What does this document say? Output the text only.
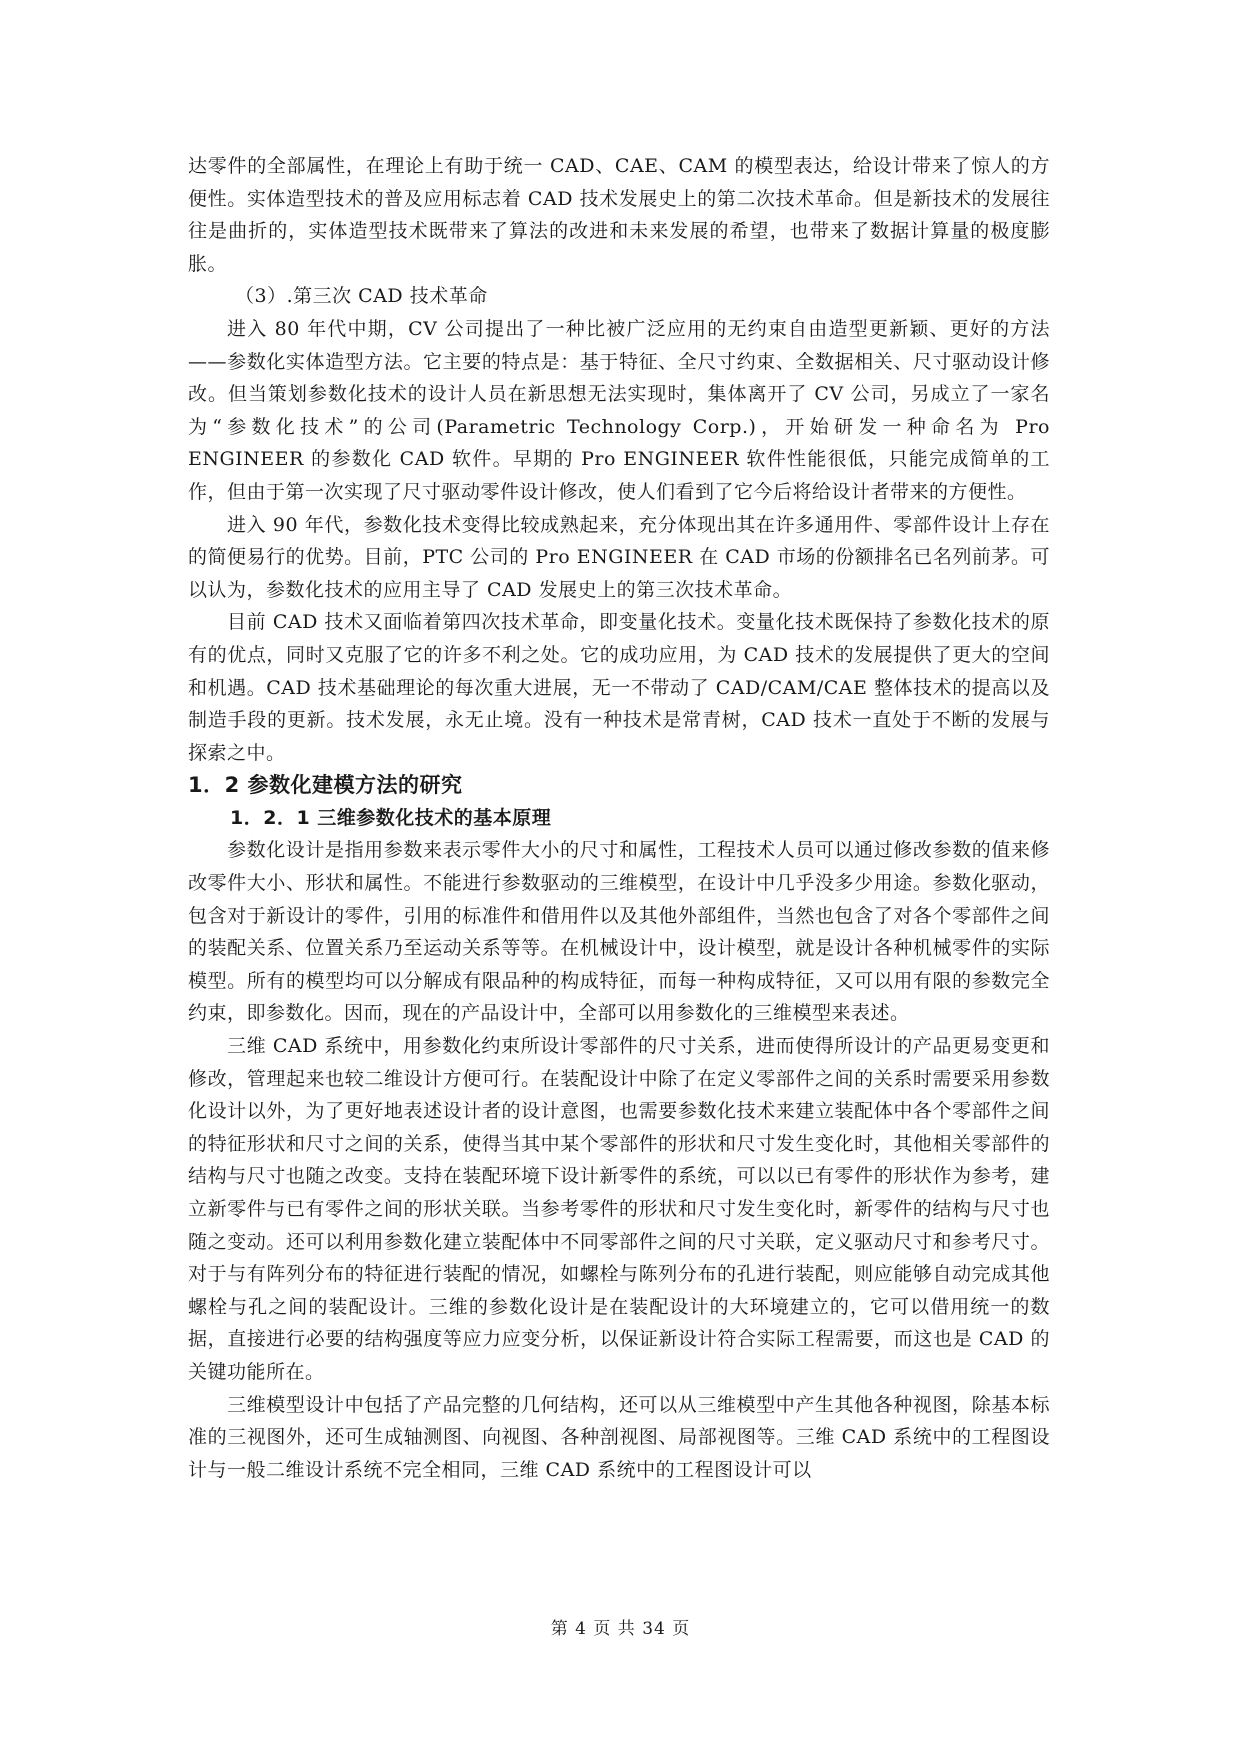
达零件的全部属性，在理论上有助于统一 CAD、CAE、CAM 的模型表达，给设计带来了惊人的方便性。实体造型技术的普及应用标志着 CAD 技术发展史上的第二次技术革命。但是新技术的发展往往是曲折的，实体造型技术既带来了算法的改进和未来发展的希望，也带来了数据计算量的极度膨胀。

（3）.第三次 CAD 技术革命

进入 80 年代中期，CV 公司提出了一种比被广泛应用的无约束自由造型更新颖、更好的方法——参数化实体造型方法。它主要的特点是：基于特征、全尺寸约束、全数据相关、尺寸驱动设计修改。但当策划参数化技术的设计人员在新思想无法实现时，集体离开了 CV 公司，另成立了一家名为“参数化技术”的公司(Parametric Technology Corp.)，开始研发一种命名为 Pro ENGINEER 的参数化 CAD 软件。早期的 Pro ENGINEER 软件性能很低，只能完成简单的工作，但由于第一次实现了尺寸驱动零件设计修改，使人们看到了它今后将给设计者带来的方便性。

进入 90 年代，参数化技术变得比较成熟起来，充分体现出其在许多通用件、零部件设计上存在的简便易行的优势。目前，PTC 公司的 Pro ENGINEER 在 CAD 市场的份额排名已名列前茅。可以认为，参数化技术的应用主导了 CAD 发展史上的第三次技术革命。

目前 CAD 技术又面临着第四次技术革命，即变量化技术。变量化技术既保持了参数化技术的原有的优点，同时又克服了它的许多不利之处。它的成功应用，为 CAD 技术的发展提供了更大的空间和机遇。CAD 技术基础理论的每次重大进展，无一不带动了 CAD/CAM/CAE 整体技术的提高以及制造手段的更新。技术发展，永无止境。没有一种技术是常青树，CAD 技术一直处于不断的发展与探索之中。

1．2 参数化建模方法的研究
1．2．1 三维参数化技术的基本原理

参数化设计是指用参数来表示零件大小的尺寸和属性，工程技术人员可以通过修改参数的值来修改零件大小、形状和属性。不能进行参数驱动的三维模型，在设计中几乎没多少用途。参数化驱动，包含对于新设计的零件，引用的标准件和借用件以及其他外部组件，当然也包含了对各个零部件之间的装配关系、位置关系乃至运动关系等等。在机械设计中，设计模型，就是设计各种机械零件的实际模型。所有的模型均可以分解成有限品种的构成特征，而每一种构成特征，又可以用有限的参数完全约束，即参数化。因而，现在的产品设计中，全部可以用参数化的三维模型来表述。

三维 CAD 系统中，用参数化约束所设计零部件的尺寸关系，进而使得所设计的产品更易变更和修改，管理起来也较二维设计方便可行。在装配设计中除了在定义零部件之间的关系时需要采用参数化设计以外，为了更好地表述设计者的设计意图，也需要参数化技术来建立装配体中各个零部件之间的特征形状和尺寸之间的关系，使得当其中某个零部件的形状和尺寸发生变化时，其他相关零部件的结构与尺寸也随之改变。支持在装配环境下设计新零件的系统，可以以已有零件的形状作为参考，建立新零件与已有零件之间的形状关联。当参考零件的形状和尺寸发生变化时，新零件的结构与尺寸也随之变动。还可以利用参数化建立装配体中不同零部件之间的尺寸关联，定义驱动尺寸和参考尺寸。对于与有阵列分布的特征进行装配的情况，如螺栓与陈列分布的孔进行装配，则应能够自动完成其他螺栓与孔之间的装配设计。三维的参数化设计是在装配设计的大环境建立的，它可以借用统一的数据，直接进行必要的结构强度等应力应变分析，以保证新设计符合实际工程需要，而这也是 CAD 的关键功能所在。

三维模型设计中包括了产品完整的几何结构，还可以从三维模型中产生其他各种视图，除基本标准的三视图外，还可生成轴测图、向视图、各种剖视图、局部视图等。三维 CAD 系统中的工程图设计与一般二维设计系统不完全相同，三维 CAD 系统中的工程图设计可以

第 4 页 共 34 页
